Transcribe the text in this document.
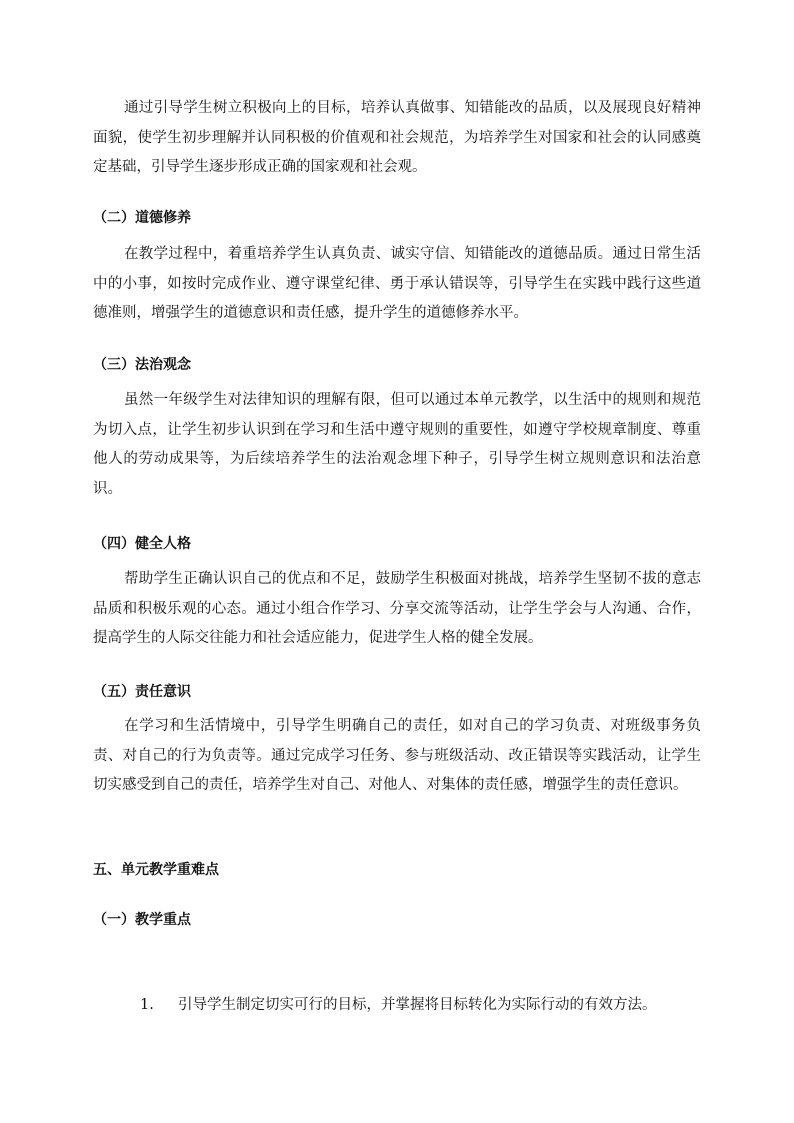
通过引导学生树立积极向上的目标，培养认真做事、知错能改的品质，以及展现良好精神面貌，使学生初步理解并认同积极的价值观和社会规范，为培养学生对国家和社会的认同感奠定基础，引导学生逐步形成正确的国家观和社会观。

（二）道德修养

在教学过程中，着重培养学生认真负责、诚实守信、知错能改的道德品质。通过日常生活中的小事，如按时完成作业、遵守课堂纪律、勇于承认错误等，引导学生在实践中践行这些道德准则，增强学生的道德意识和责任感，提升学生的道德修养水平。

（三）法治观念

虽然一年级学生对法律知识的理解有限，但可以通过本单元教学，以生活中的规则和规范为切入点，让学生初步认识到在学习和生活中遵守规则的重要性，如遵守学校规章制度、尊重他人的劳动成果等，为后续培养学生的法治观念埋下种子，引导学生树立规则意识和法治意识。

（四）健全人格

帮助学生正确认识自己的优点和不足，鼓励学生积极面对挑战，培养学生坚韧不拔的意志品质和积极乐观的心态。通过小组合作学习、分享交流等活动，让学生学会与人沟通、合作，提高学生的人际交往能力和社会适应能力，促进学生人格的健全发展。

（五）责任意识

在学习和生活情境中，引导学生明确自己的责任，如对自己的学习负责、对班级事务负责、对自己的行为负责等。通过完成学习任务、参与班级活动、改正错误等实践活动，让学生切实感受到自己的责任，培养学生对自己、对他人、对集体的责任感，增强学生的责任意识。

五、单元教学重难点
（一）教学重点

1. 引导学生制定切实可行的目标，并掌握将目标转化为实际行动的有效方法。
